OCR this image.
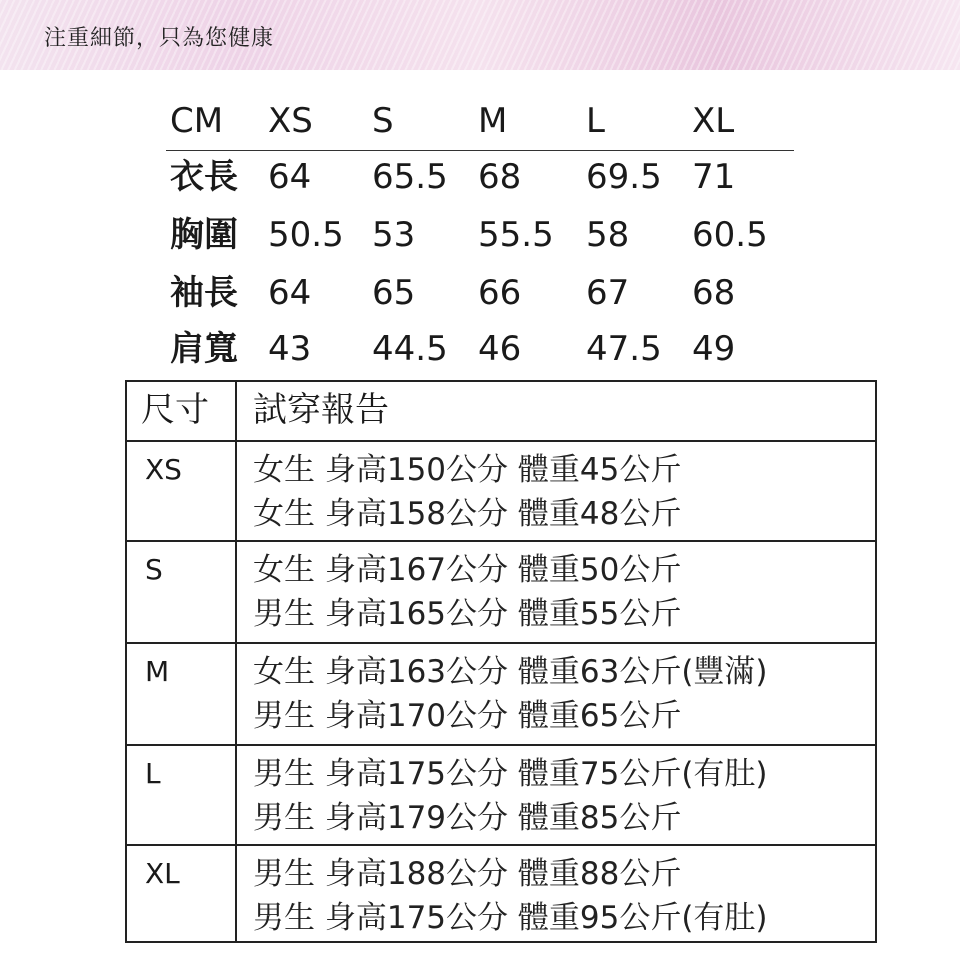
注重細節，只為您健康
CM XS S M L	XL
衣長 64 65.5 68 69.5 71
胸圍 50.5 53 55.5 58 60.5
袖長 64 65 66 67 68
肩寬 43 44.5 46 47.5 49
尺寸 試穿報告
XS 女生 身高150公分 體重45公斤
女生 身高158公分 體重48公斤
S	女生 身高167公分 體重50公斤
男生 身高165公分 體重55公斤
M	女生 身高163公分 體重63公斤(豐滿)
男生 身高170公分 體重65公斤
L	男生 身高175公分 體重75公斤(有肚)
男生 身高179公分 體重85公斤
XL 男生 身高188公分 體重88公斤
男生 身高175公分 體重95公斤(有肚)
